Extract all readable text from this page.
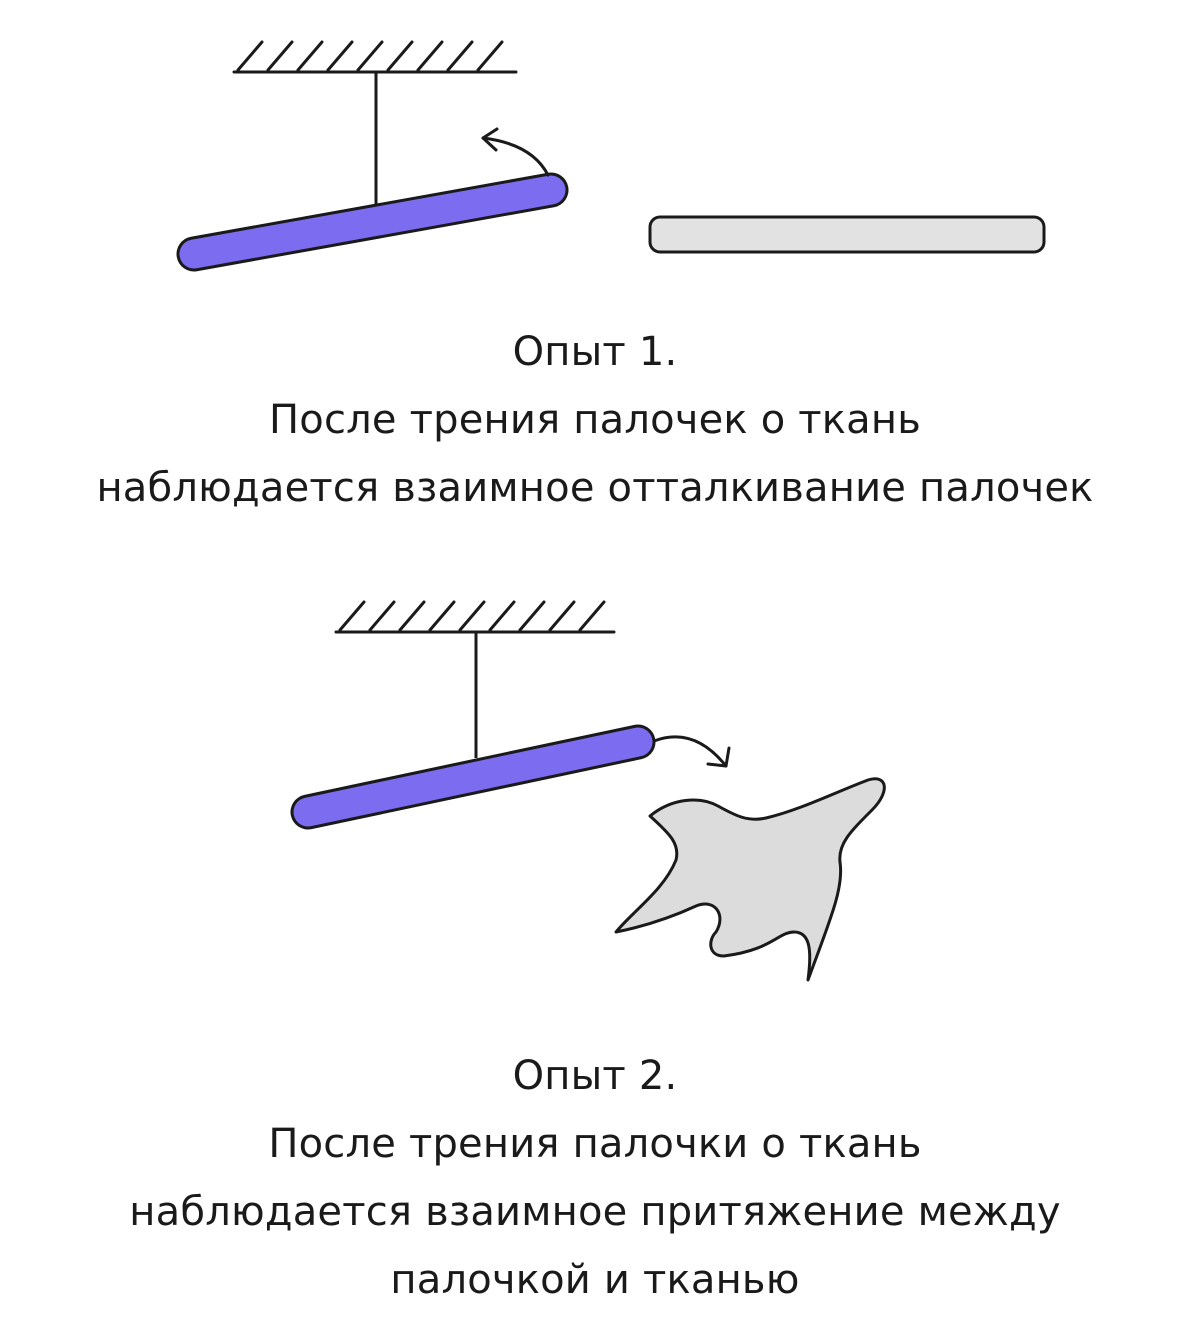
Опыт 1.
После трения палочек о ткань
наблюдается взаимное отталкивание палочек
Опыт 2.
После трения палочки о ткань
наблюдается взаимное притяжение между
палочкой и тканью
